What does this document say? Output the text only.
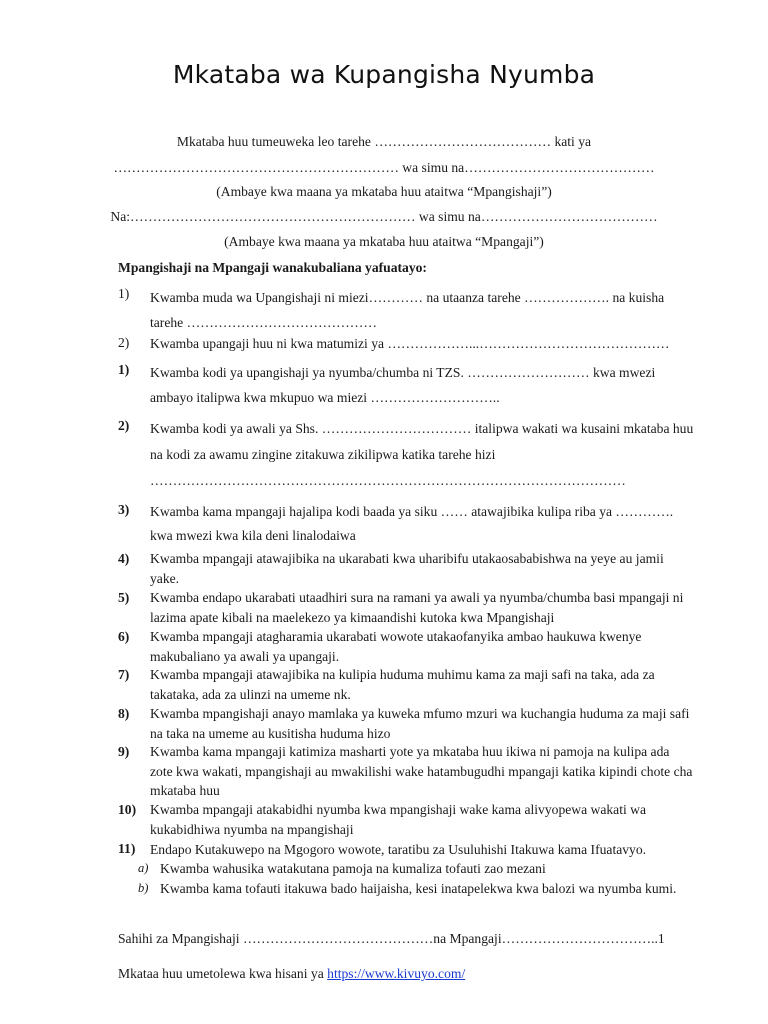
Mkataba wa Kupangisha Nyumba
Mkataba huu tumeuweka leo tarehe ………………………………… kati ya
……………………………………………………… wa simu na……………………………………
(Ambaye kwa maana ya mkataba huu ataitwa “Mpangishaji”)
Na:……………………………………………………… wa simu na…………………………………
(Ambaye kwa maana ya mkataba huu ataitwa “Mpangaji”)
Mpangishaji na Mpangaji wanakubaliana yafuatayo:
1) Kwamba muda wa Upangishaji ni miezi………… na utaanza tarehe ………………. na kuisha tarehe ……………………………………
2) Kwamba upangaji huu ni kwa matumizi ya ………………...……………………………………
1) Kwamba kodi ya upangishaji ya nyumba/chumba ni TZS. ……………………… kwa mwezi ambayo italipwa kwa mkupuo wa miezi ………………………..
2) Kwamba kodi ya awali ya Shs. …………………………… italipwa wakati wa kusaini mkataba huu na kodi za awamu zingine zitakuwa zikilipwa katika tarehe hizi ……………………………………………………………………………………………
3) Kwamba kama mpangaji hajalipa kodi baada ya siku …… atawajibika kulipa riba ya …………. kwa mwezi kwa kila deni linalodaiwa
4) Kwamba mpangaji atawajibika na ukarabati kwa uharibifu utakaosababishwa na yeye au jamii yake.
5) Kwamba endapo ukarabati utaadhiri sura na ramani ya awali ya nyumba/chumba basi mpangaji ni lazima apate kibali na maelekezo ya kimaandishi kutoka kwa Mpangishaji
6) Kwamba mpangaji atagharamia ukarabati wowote utakaofanyika ambao haukuwa kwenye makubaliano ya awali ya upangaji.
7) Kwamba mpangaji atawajibika na kulipia huduma muhimu kama za maji safi na taka, ada za takataka, ada za ulinzi na umeme nk.
8) Kwamba mpangishaji anayo mamlaka ya kuweka mfumo mzuri wa kuchangia huduma za maji safi na taka na umeme au kusitisha huduma hizo
9) Kwamba kama mpangaji katimiza masharti yote ya mkataba huu ikiwa ni pamoja na kulipa ada zote kwa wakati, mpangishaji au mwakilishi wake hatambugudhi mpangaji katika kipindi chote cha mkataba huu
10) Kwamba mpangaji atakabidhi nyumba kwa mpangishaji wake kama alivyopewa wakati wa kukabidhiwa nyumba na mpangishaji
11) Endapo Kutakuwepo na Mgogoro wowote, taratibu za Usuluhishi Itakuwa kama Ifuatavyo.
a) Kwamba wahusika watakutana pamoja na kumaliza tofauti zao mezani
b) Kwamba kama tofauti itakuwa bado haijaisha, kesi inatapelekwa kwa balozi wa nyumba kumi.
Sahihi za Mpangishaji ……………………………………na Mpangaji……………………………..1
Mkataa huu umetolewa kwa hisani ya https://www.kivuyo.com/
